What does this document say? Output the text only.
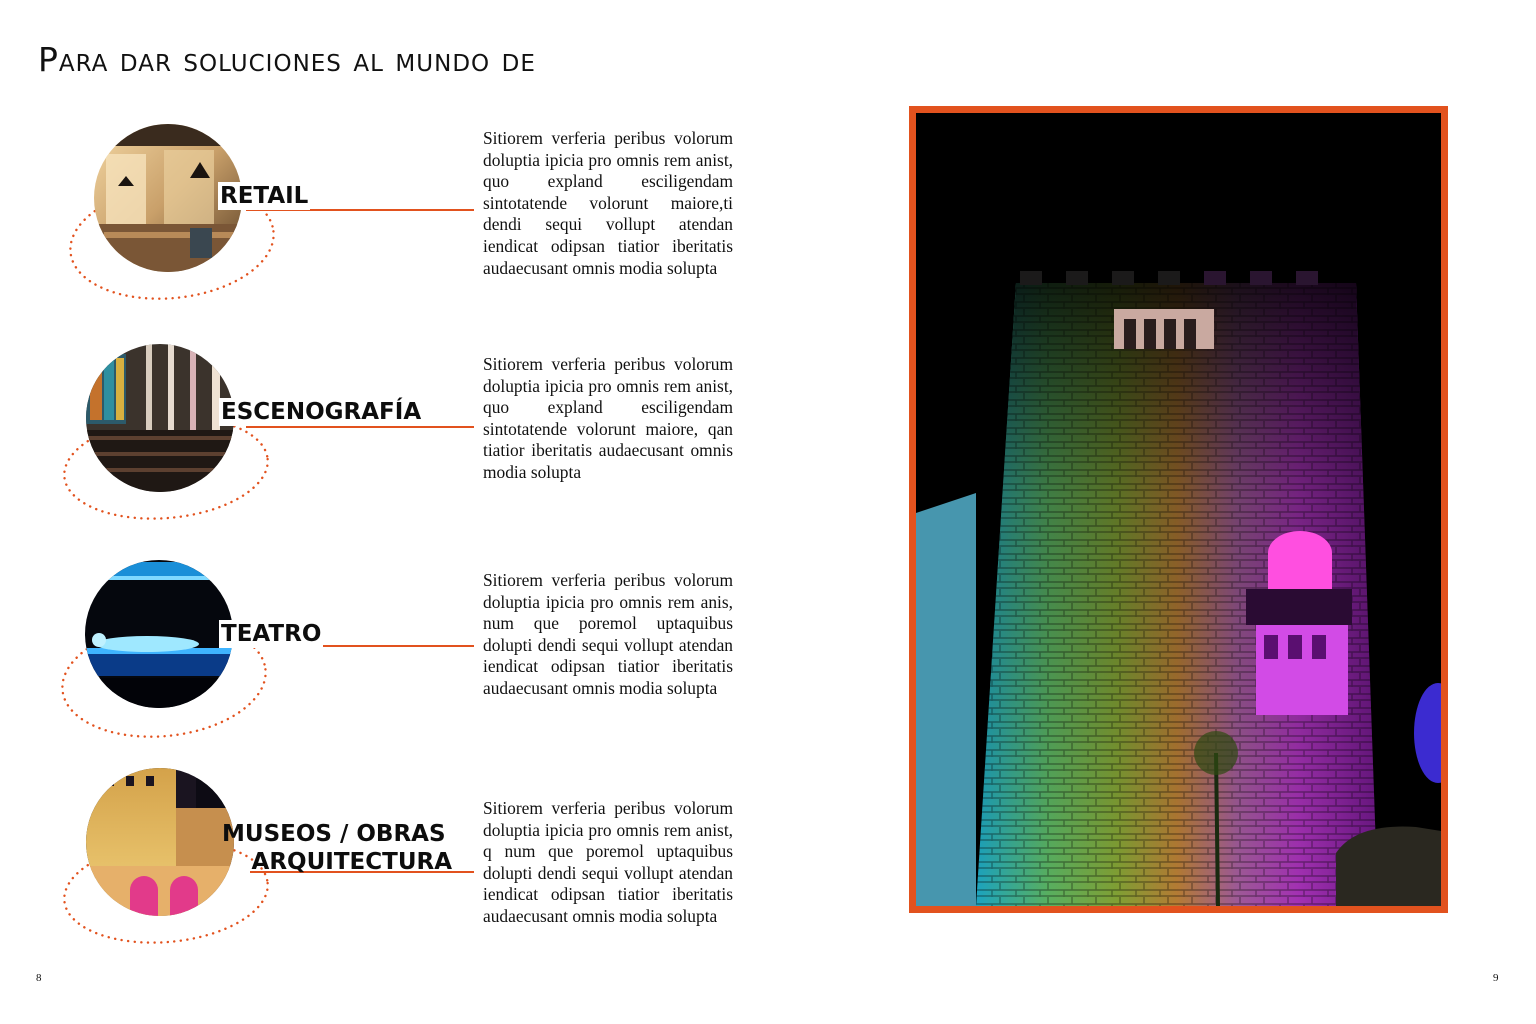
Para dar soluciones al mundo de
RETAIL

Sitiorem verferia peribus volorum doluptia ipicia pro omnis rem anist, quo expland esciligendam sintotatende volorunt maiore,ti dendi sequi vollupt atendan iendicat odipsan tiatior iberitatis audaecusant omnis modia solupta

ESCENOGRAFÍA

Sitiorem verferia peribus volorum doluptia ipicia pro omnis rem anist, quo expland esciligendam sintotatende volorunt maiore, qan tiatior iberitatis audaecusant omnis modia solupta

TEATRO

Sitiorem verferia peribus volorum doluptia ipicia pro omnis rem anis, num que poremol uptaquibus dolupti dendi sequi vollupt atendan iendicat odipsan tiatior iberitatis audaecusant omnis modia solupta

MUSEOS / OBRAS
ARQUITECTURA

Sitiorem verferia peribus volorum doluptia ipicia pro omnis rem anist, q num que poremol uptaquibus dolupti dendi sequi vollupt atendan iendicat odipsan tiatior iberitatis audaecusant omnis modia solupta

8	9
